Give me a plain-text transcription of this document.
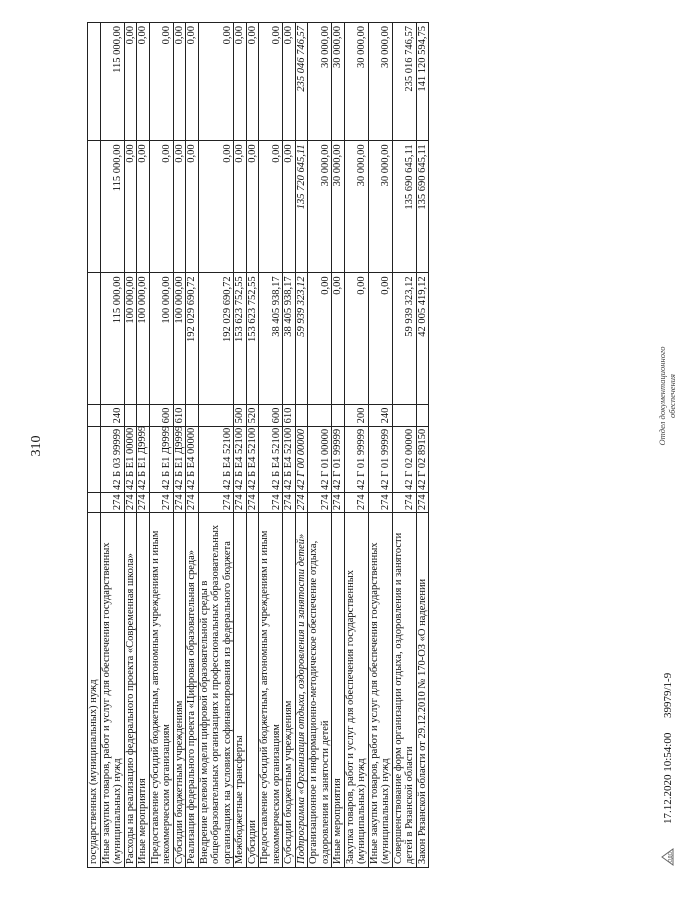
310
государственных (муниципальных) нужд						
Иные закупки товаров, работ и услуг для обеспечения государственных (муниципальных) нужд	274	42 Б 03 99999	240	115 000,00	115 000,00	115 000,00
Расходы на реализацию федерального проекта «Современная школа»	274	42 Б Е1 00000		100 000,00	0,00	0,00
Иные мероприятия	274	42 Б Е1 Д9999		100 000,00	0,00	0,00
Предоставление субсидий бюджетным, автономным учреждениям и иным некоммерческим организациям	274	42 Б Е1 Д9999	600	100 000,00	0,00	0,00
Субсидии бюджетным учреждениям	274	42 Б Е1 Д9999	610	100 000,00	0,00	0,00
Реализация федерального проекта «Цифровая образовательная среда»	274	42 Б Е4 00000		192 029 690,72	0,00	0,00
Внедрение целевой модели цифровой образовательной среды в общеобразовательных организациях и профессиональных образовательных организациях на условиях софинансирования из федерального бюджета	274	42 Б Е4 52100		192 029 690,72	0,00	0,00
Межбюджетные трансферты	274	42 Б Е4 52100	500	153 623 752,55	0,00	0,00
Субсидии	274	42 Б Е4 52100	520	153 623 752,55	0,00	0,00
Предоставление субсидий бюджетным, автономным учреждениям и иным некоммерческим организациям	274	42 Б Е4 52100	600	38 405 938,17	0,00	0,00
Субсидии бюджетным учреждениям	274	42 Б Е4 52100	610	38 405 938,17	0,00	0,00
Подпрограмма «Организация отдыха, оздоровления и занятости детей»	274	42 Г 00 00000		59 939 323,12	135 720 645,11	235 046 746,57
Организационное и информационно-методическое обеспечение отдыха, оздоровления и занятости детей	274	42 Г 01 00000		0,00	30 000,00	30 000,00
Иные мероприятия	274	42 Г 01 99999		0,00	30 000,00	30 000,00
Закупка товаров, работ и услуг для обеспечения государственных (муниципальных) нужд	274	42 Г 01 99999	200	0,00	30 000,00	30 000,00
Иные закупки товаров, работ и услуг для обеспечения государственных (муниципальных) нужд	274	42 Г 01 99999	240	0,00	30 000,00	30 000,00
Совершенствование форм организации отдыха, оздоровления и занятости детей в Рязанской области	274	42 Г 02 00000		59 939 323,12	135 690 645,11	235 016 746,57
Закон Рязанской области от 29.12.2010 № 170-ОЗ «О наделении	274	42 Г 02 89150		42 005 419,12	135 690 645,11	141 120 594,75
ОДО
17.12.2020 10:54:00
39979/1-9
Отдел документационного обеспечения
